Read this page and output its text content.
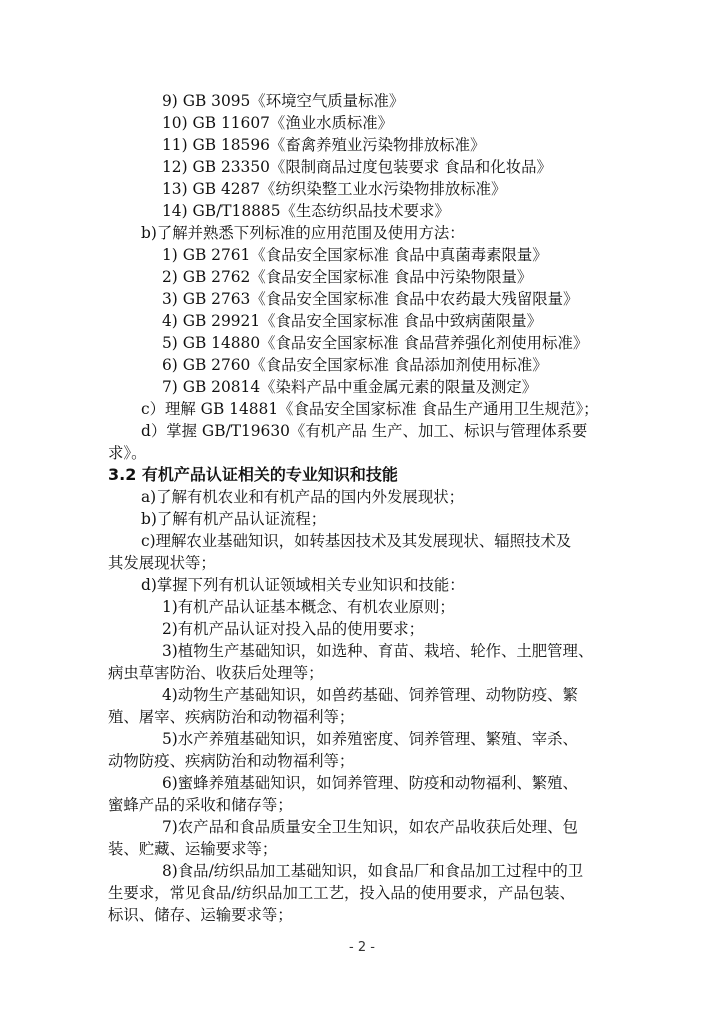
9) GB 3095《环境空气质量标准》
10) GB 11607《渔业水质标准》
11) GB 18596《畜禽养殖业污染物排放标准》
12) GB 23350《限制商品过度包装要求 食品和化妆品》
13) GB 4287《纺织染整工业水污染物排放标准》
14) GB/T18885《生态纺织品技术要求》
b)了解并熟悉下列标准的应用范围及使用方法：
1) GB 2761《食品安全国家标准 食品中真菌毒素限量》
2) GB 2762《食品安全国家标准 食品中污染物限量》
3) GB 2763《食品安全国家标准 食品中农药最大残留限量》
4) GB 29921《食品安全国家标准 食品中致病菌限量》
5) GB 14880《食品安全国家标准 食品营养强化剂使用标准》
6) GB 2760《食品安全国家标准 食品添加剂使用标准》
7) GB 20814《染料产品中重金属元素的限量及测定》
c）理解 GB 14881《食品安全国家标准 食品生产通用卫生规范》；
d）掌握 GB/T19630《有机产品 生产、加工、标识与管理体系要
求》。
3.2 有机产品认证相关的专业知识和技能
a)了解有机农业和有机产品的国内外发展现状；
b)了解有机产品认证流程；
c)理解农业基础知识，如转基因技术及其发展现状、辐照技术及
其发展现状等；
d)掌握下列有机认证领域相关专业知识和技能：
1)有机产品认证基本概念、有机农业原则；
2)有机产品认证对投入品的使用要求；
3)植物生产基础知识，如选种、育苗、栽培、轮作、土肥管理、
病虫草害防治、收获后处理等；
4)动物生产基础知识，如兽药基础、饲养管理、动物防疫、繁
殖、屠宰、疾病防治和动物福利等；
5)水产养殖基础知识，如养殖密度、饲养管理、繁殖、宰杀、
动物防疫、疾病防治和动物福利等；
6)蜜蜂养殖基础知识，如饲养管理、防疫和动物福利、繁殖、
蜜蜂产品的采收和储存等；
7)农产品和食品质量安全卫生知识，如农产品收获后处理、包
装、贮藏、运输要求等；
8)食品/纺织品加工基础知识，如食品厂和食品加工过程中的卫
生要求，常见食品/纺织品加工工艺，投入品的使用要求，产品包装、
标识、储存、运输要求等；
- 2 -
